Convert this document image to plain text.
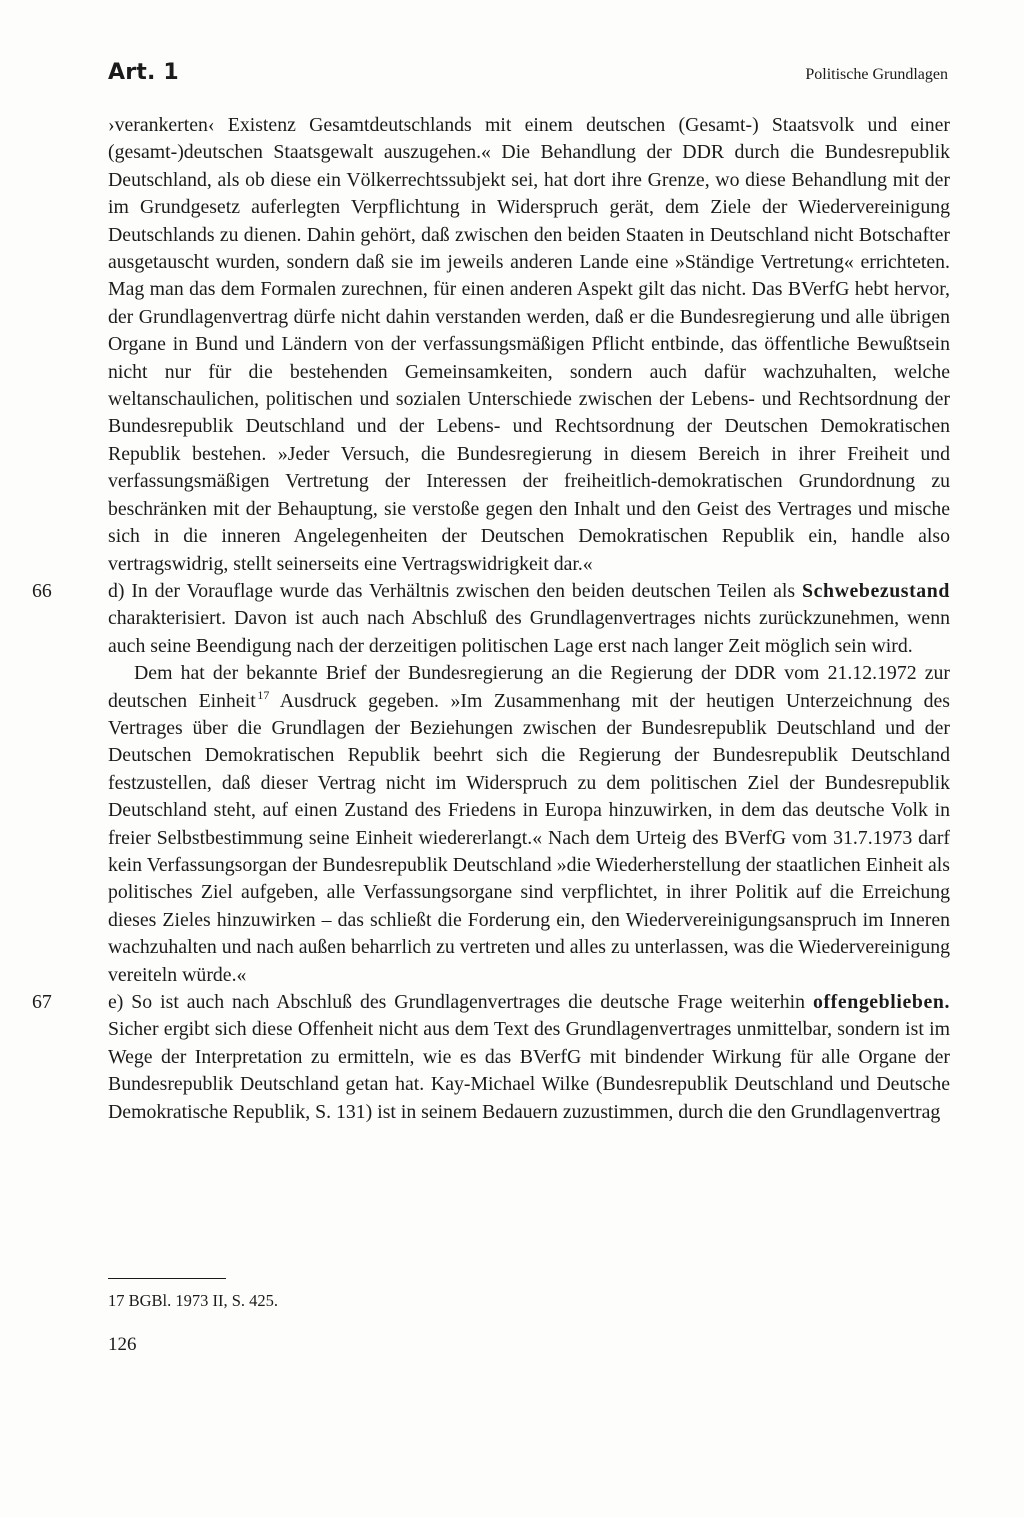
Art. 1	Politische Grundlagen

›verankerten‹ Existenz Gesamtdeutschlands mit einem deutschen (Gesamt-) Staatsvolk und einer (gesamt-)deutschen Staatsgewalt auszugehen.« Die Behandlung der DDR durch die Bundesrepublik Deutschland, als ob diese ein Völkerrechtssubjekt sei, hat dort ihre Grenze, wo diese Behandlung mit der im Grundgesetz auferlegten Verpflichtung in Widerspruch gerät, dem Ziele der Wiedervereinigung Deutschlands zu dienen. Dahin gehört, daß zwischen den beiden Staaten in Deutschland nicht Botschafter ausgetauscht wurden, sondern daß sie im jeweils anderen Lande eine »Ständige Vertretung« errichteten. Mag man das dem Formalen zurechnen, für einen anderen Aspekt gilt das nicht. Das BVerfG hebt hervor, der Grundlagenvertrag dürfe nicht dahin verstanden werden, daß er die Bundesregierung und alle übrigen Organe in Bund und Ländern von der verfassungsmäßigen Pflicht entbinde, das öffentliche Bewußtsein nicht nur für die bestehenden Gemeinsamkeiten, sondern auch dafür wachzuhalten, welche weltanschaulichen, politischen und sozialen Unterschiede zwischen der Lebens- und Rechtsordnung der Bundesrepublik Deutschland und der Lebens- und Rechtsordnung der Deutschen Demokratischen Republik bestehen. »Jeder Versuch, die Bundesregierung in diesem Bereich in ihrer Freiheit und verfassungsmäßigen Vertretung der Interessen der freiheitlich-demokratischen Grundordnung zu beschränken mit der Behauptung, sie verstoße gegen den Inhalt und den Geist des Vertrages und mische sich in die inneren Angelegenheiten der Deutschen Demokratischen Republik ein, handle also vertragswidrig, stellt seinerseits eine Vertragswidrigkeit dar.«

66	d) In der Vorauflage wurde das Verhältnis zwischen den beiden deutschen Teilen als Schwebezustand charakterisiert. Davon ist auch nach Abschluß des Grundlagenvertrages nichts zurückzunehmen, wenn auch seine Beendigung nach der derzeitigen politischen Lage erst nach langer Zeit möglich sein wird.

Dem hat der bekannte Brief der Bundesregierung an die Regierung der DDR vom 21.12.1972 zur deutschen Einheit  $^{17}$ Ausdruck gegeben. »Im Zusammenhang mit der heutigen Unterzeichnung des Vertrages über die Grundlagen der Beziehungen zwischen der Bundesrepublik Deutschland und der Deutschen Demokratischen Republik beehrt sich die Regierung der Bundesrepublik Deutschland festzustellen, daß dieser Vertrag nicht im Widerspruch zu dem politischen Ziel der Bundesrepublik Deutschland steht, auf einen Zustand des Friedens in Europa hinzuwirken, in dem das deutsche Volk in freier Selbstbestimmung seine Einheit wiedererlangt.« Nach dem Urteig des BVerfG vom 31.7.1973 darf kein Verfassungsorgan der Bundesrepublik Deutschland »die Wiederherstellung der staatlichen Einheit als politisches Ziel aufgeben, alle Verfassungsorgane sind verpflichtet, in ihrer Politik auf die Erreichung dieses Zieles hinzuwirken – das schließt die Forderung ein, den Wiedervereinigungsanspruch im Inneren wachzuhalten und nach außen beharrlich zu vertreten und alles zu unterlassen, was die Wiedervereinigung vereiteln würde.«

67	e) So ist auch nach Abschluß des Grundlagenvertrages die deutsche Frage weiterhin offengeblieben. Sicher ergibt sich diese Offenheit nicht aus dem Text des Grundlagenvertrages unmittelbar, sondern ist im Wege der Interpretation zu ermitteln, wie es das BVerfG mit bindender Wirkung für alle Organe der Bundesrepublik Deutschland getan hat. Kay-Michael Wilke (Bundesrepublik Deutschland und Deutsche Demokratische Republik, S. 131) ist in seinem Bedauern zuzustimmen, durch die den Grundlagenvertrag

17 BGBl. 1973 II, S. 425.
126
